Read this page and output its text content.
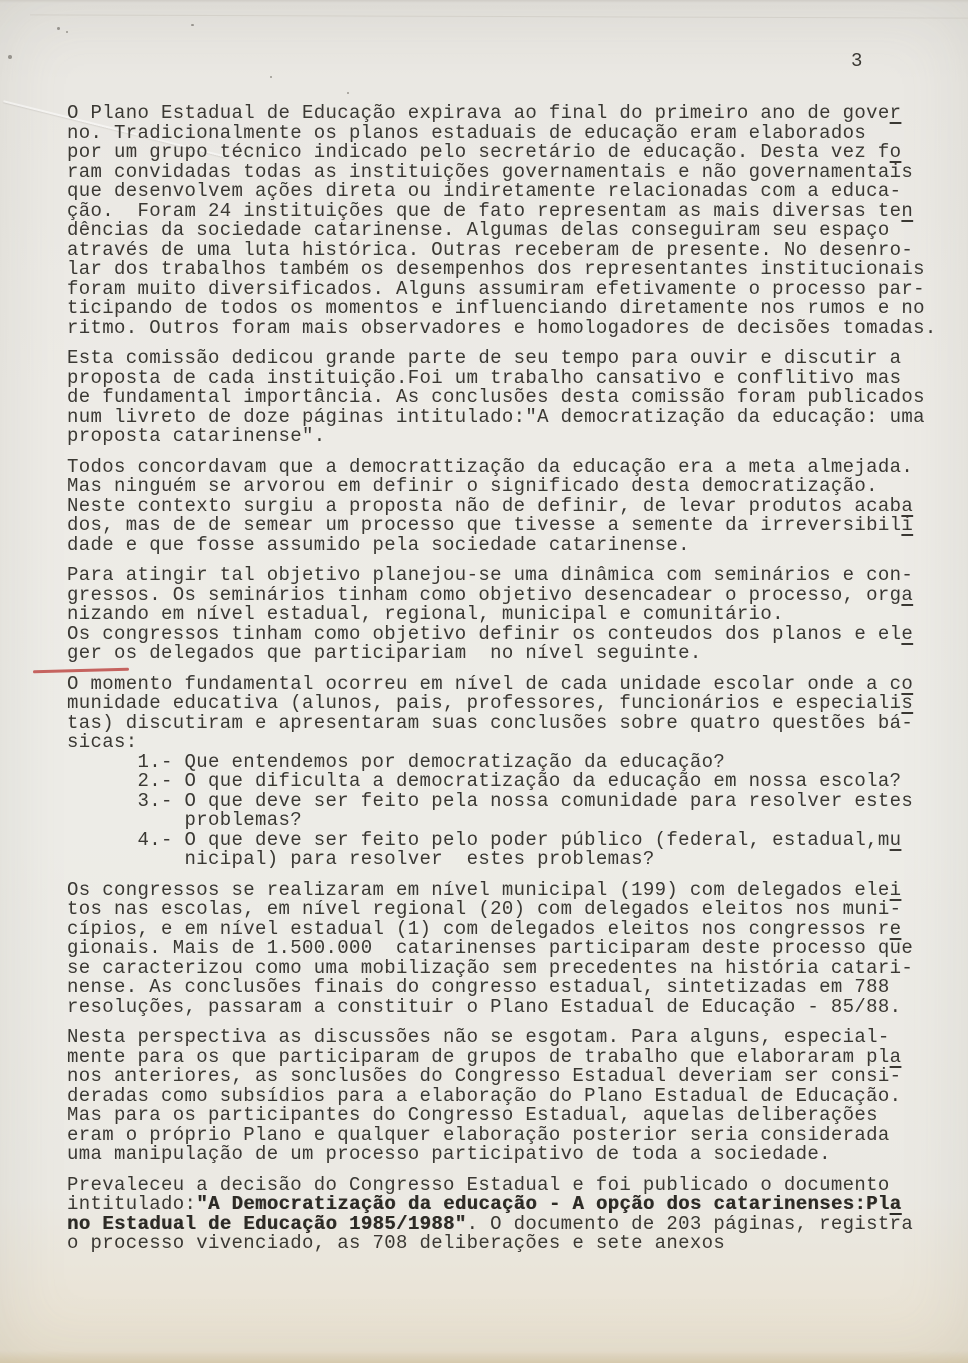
3
O Plano Estadual de Educação expirava ao final do primeiro ano de gover
no. Tradicionalmente os planos estaduais de educação eram elaborados
por um grupo técnico indicado pelo secretário de educação. Desta vez fo
ram convidadas todas as instituições governamentais e não governamentais
que desenvolvem ações direta ou indiretamente relacionadas com a educa-
ção.  Foram 24 instituições que de fato representam as mais diversas ten
dências da sociedade catarinense. Algumas delas conseguiram seu espaço
através de uma luta histórica. Outras receberam de presente. No desenro-
lar dos trabalhos também os desempenhos dos representantes institucionais
foram muito diversificados. Alguns assumiram efetivamente o processo par-
ticipando de todos os momentos e influenciando diretamente nos rumos e no
ritmo. Outros foram mais observadores e homologadores de decisões tomadas.
Esta comissão dedicou grande parte de seu tempo para ouvir e discutir a
proposta de cada instituição.Foi um trabalho cansativo e conflitivo mas
de fundamental importância. As conclusões desta comissão foram publicados
num livreto de doze páginas intitulado:"A democratização da educação: uma
proposta catarinense".
Todos concordavam que a democrattização da educação era a meta almejada.
Mas ninguém se arvorou em definir o significado desta democratização.
Neste contexto surgiu a proposta não de definir, de levar produtos acaba
dos, mas de de semear um processo que tivesse a semente da irreversibili
dade e que fosse assumido pela sociedade catarinense.
Para atingir tal objetivo planejou-se uma dinâmica com seminários e con-
gressos. Os seminários tinham como objetivo desencadear o processo, orga
nizando em nível estadual, regional, municipal e comunitário.
Os congressos tinham como objetivo definir os conteudos dos planos e ele
ger os delegados que participariam  no nível seguinte.
O momento fundamental ocorreu em nível de cada unidade escolar onde a co
munidade educativa (alunos, pais, professores, funcionários e especialis
tas) discutiram e apresentaram suas conclusões sobre quatro questões bá-
sicas:
1.- Que entendemos por democratização da educação?
2.- O que dificulta a democratização da educação em nossa escola?
3.- O que deve ser feito pela nossa comunidade para resolver estes
problemas?
4.- O que deve ser feito pelo poder público (federal, estadual,mu
nicipal) para resolver  estes problemas?
Os congressos se realizaram em nível municipal (199) com delegados elei
tos nas escolas, em nível regional (20) com delegados eleitos nos muni-
cípios, e em nível estadual (1) com delegados eleitos nos congressos re
gionais. Mais de 1.500.000  catarinenses participaram deste processo que
se caracterizou como uma mobilização sem precedentes na história catari-
nense. As conclusões finais do congresso estadual, sintetizadas em 788
resoluções, passaram a constituir o Plano Estadual de Educação - 85/88.
Nesta perspectiva as discussões não se esgotam. Para alguns, especial-
mente para os que participaram de grupos de trabalho que elaboraram pla
nos anteriores, as sonclusões do Congresso Estadual deveriam ser consi-
deradas como subsídios para a elaboração do Plano Estadual de Educação.
Mas para os participantes do Congresso Estadual, aquelas deliberações
eram o próprio Plano e qualquer elaboração posterior seria considerada
uma manipulação de um processo participativo de toda a sociedade.
Prevaleceu a decisão do Congresso Estadual e foi publicado o documento
intitulado:"A Democratização da educação - A opção dos catarinenses:Pla
no Estadual de Educação 1985/1988". O documento de 203 páginas, registra
o processo vivenciado, as 708 deliberações e sete anexos
